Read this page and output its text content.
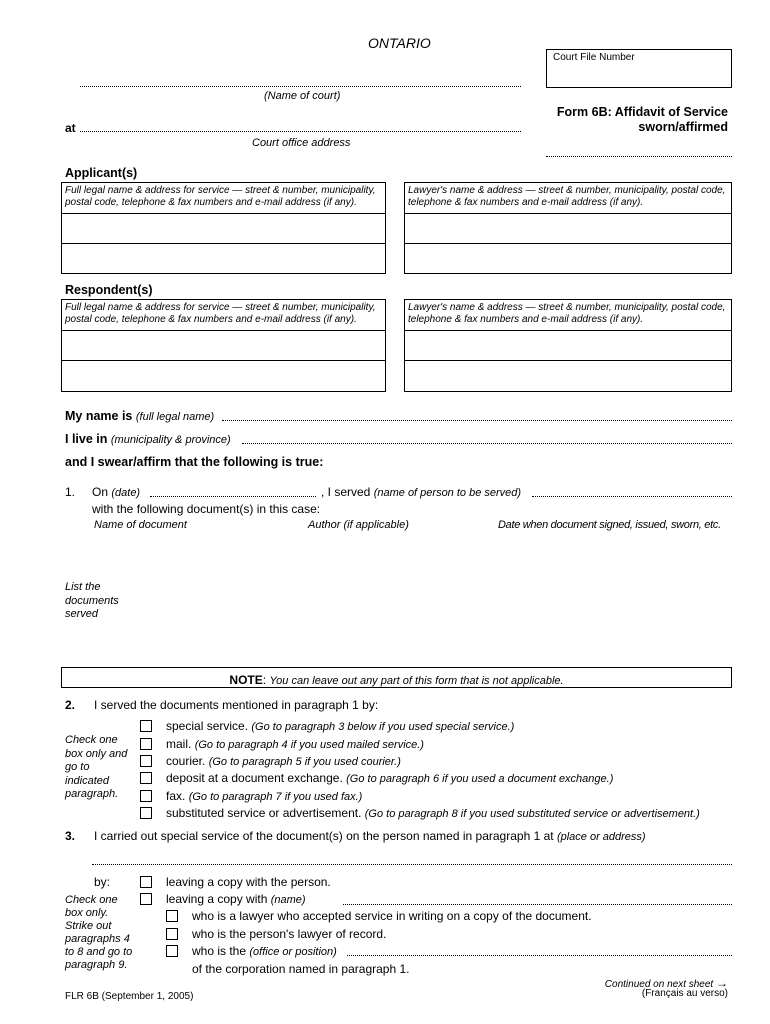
ONTARIO
Court File Number
(Name of court)
at
Court office address
Form 6B: Affidavit of Service
sworn/affirmed
Applicant(s)
Full legal name & address for service — street & number, municipality, postal code, telephone & fax numbers and e-mail address (if any).
Lawyer's name & address — street & number, municipality, postal code, telephone & fax numbers and e-mail address (if any).
Respondent(s)
Full legal name & address for service — street & number, municipality, postal code, telephone & fax numbers and e-mail address (if any).
Lawyer's name & address — street & number, municipality, postal code, telephone & fax numbers and e-mail address (if any).
My name is (full legal name)
I live in (municipality & province)
and I swear/affirm that the following is true:
1. On (date)	, I served (name of person to be served)
with the following document(s) in this case:
Name of document	Author (if applicable)	Date when document signed, issued, sworn, etc.
List the
documents
served
NOTE: You can leave out any part of this form that is not applicable.
2. I served the documents mentioned in paragraph 1 by:
Check one
box only and
go to
indicated
paragraph.
special service. (Go to paragraph 3 below if you used special service.)
mail. (Go to paragraph 4 if you used mailed service.)
courier. (Go to paragraph 5 if you used courier.)
deposit at a document exchange. (Go to paragraph 6 if you used a document exchange.)
fax. (Go to paragraph 7 if you used fax.)
substituted service or advertisement. (Go to paragraph 8 if you used substituted service or advertisement.)
3. I carried out special service of the document(s) on the person named in paragraph 1 at (place or address)
by:
Check one
box only.
Strike out
paragraphs 4
to 8 and go to
paragraph 9.
leaving a copy with the person.
leaving a copy with (name)
who is a lawyer who accepted service in writing on a copy of the document.
who is the person's lawyer of record.
who is the (office or position)
of the corporation named in paragraph 1.
FLR 6B (September 1, 2005)
Continued on next sheet →
(Français au verso)
